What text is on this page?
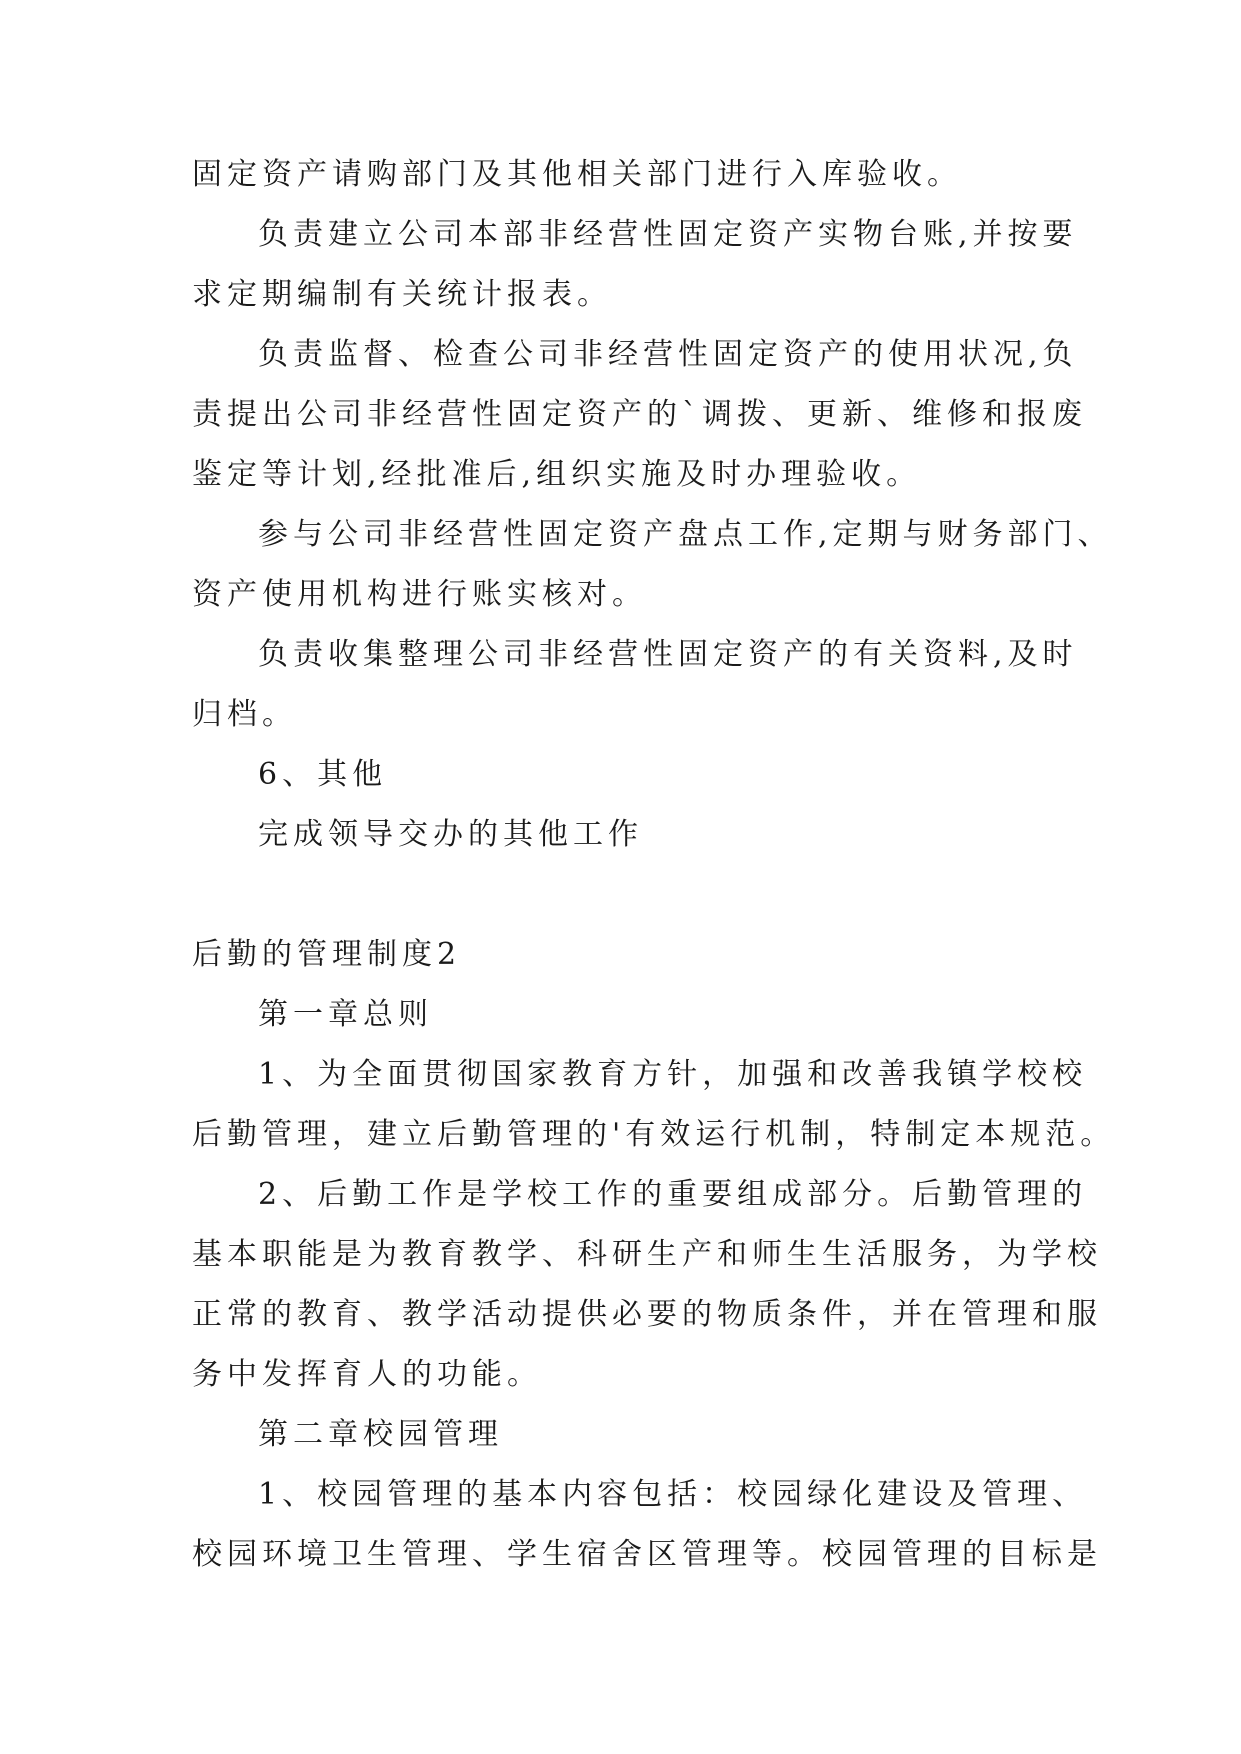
固定资产请购部门及其他相关部门进行入库验收。
负责建立公司本部非经营性固定资产实物台账,并按要
求定期编制有关统计报表。
负责监督、检查公司非经营性固定资产的使用状况,负
责提出公司非经营性固定资产的`调拨、更新、维修和报废
鉴定等计划,经批准后,组织实施及时办理验收。
参与公司非经营性固定资产盘点工作,定期与财务部门、
资产使用机构进行账实核对。
负责收集整理公司非经营性固定资产的有关资料,及时
归档。
6、其他
完成领导交办的其他工作
后勤的管理制度2
第一章总则
1、为全面贯彻国家教育方针，加强和改善我镇学校校
后勤管理，建立后勤管理的'有效运行机制，特制定本规范。
2、后勤工作是学校工作的重要组成部分。后勤管理的
基本职能是为教育教学、科研生产和师生生活服务，为学校
正常的教育、教学活动提供必要的物质条件，并在管理和服
务中发挥育人的功能。
第二章校园管理
1、校园管理的基本内容包括：校园绿化建设及管理、
校园环境卫生管理、学生宿舍区管理等。校园管理的目标是
